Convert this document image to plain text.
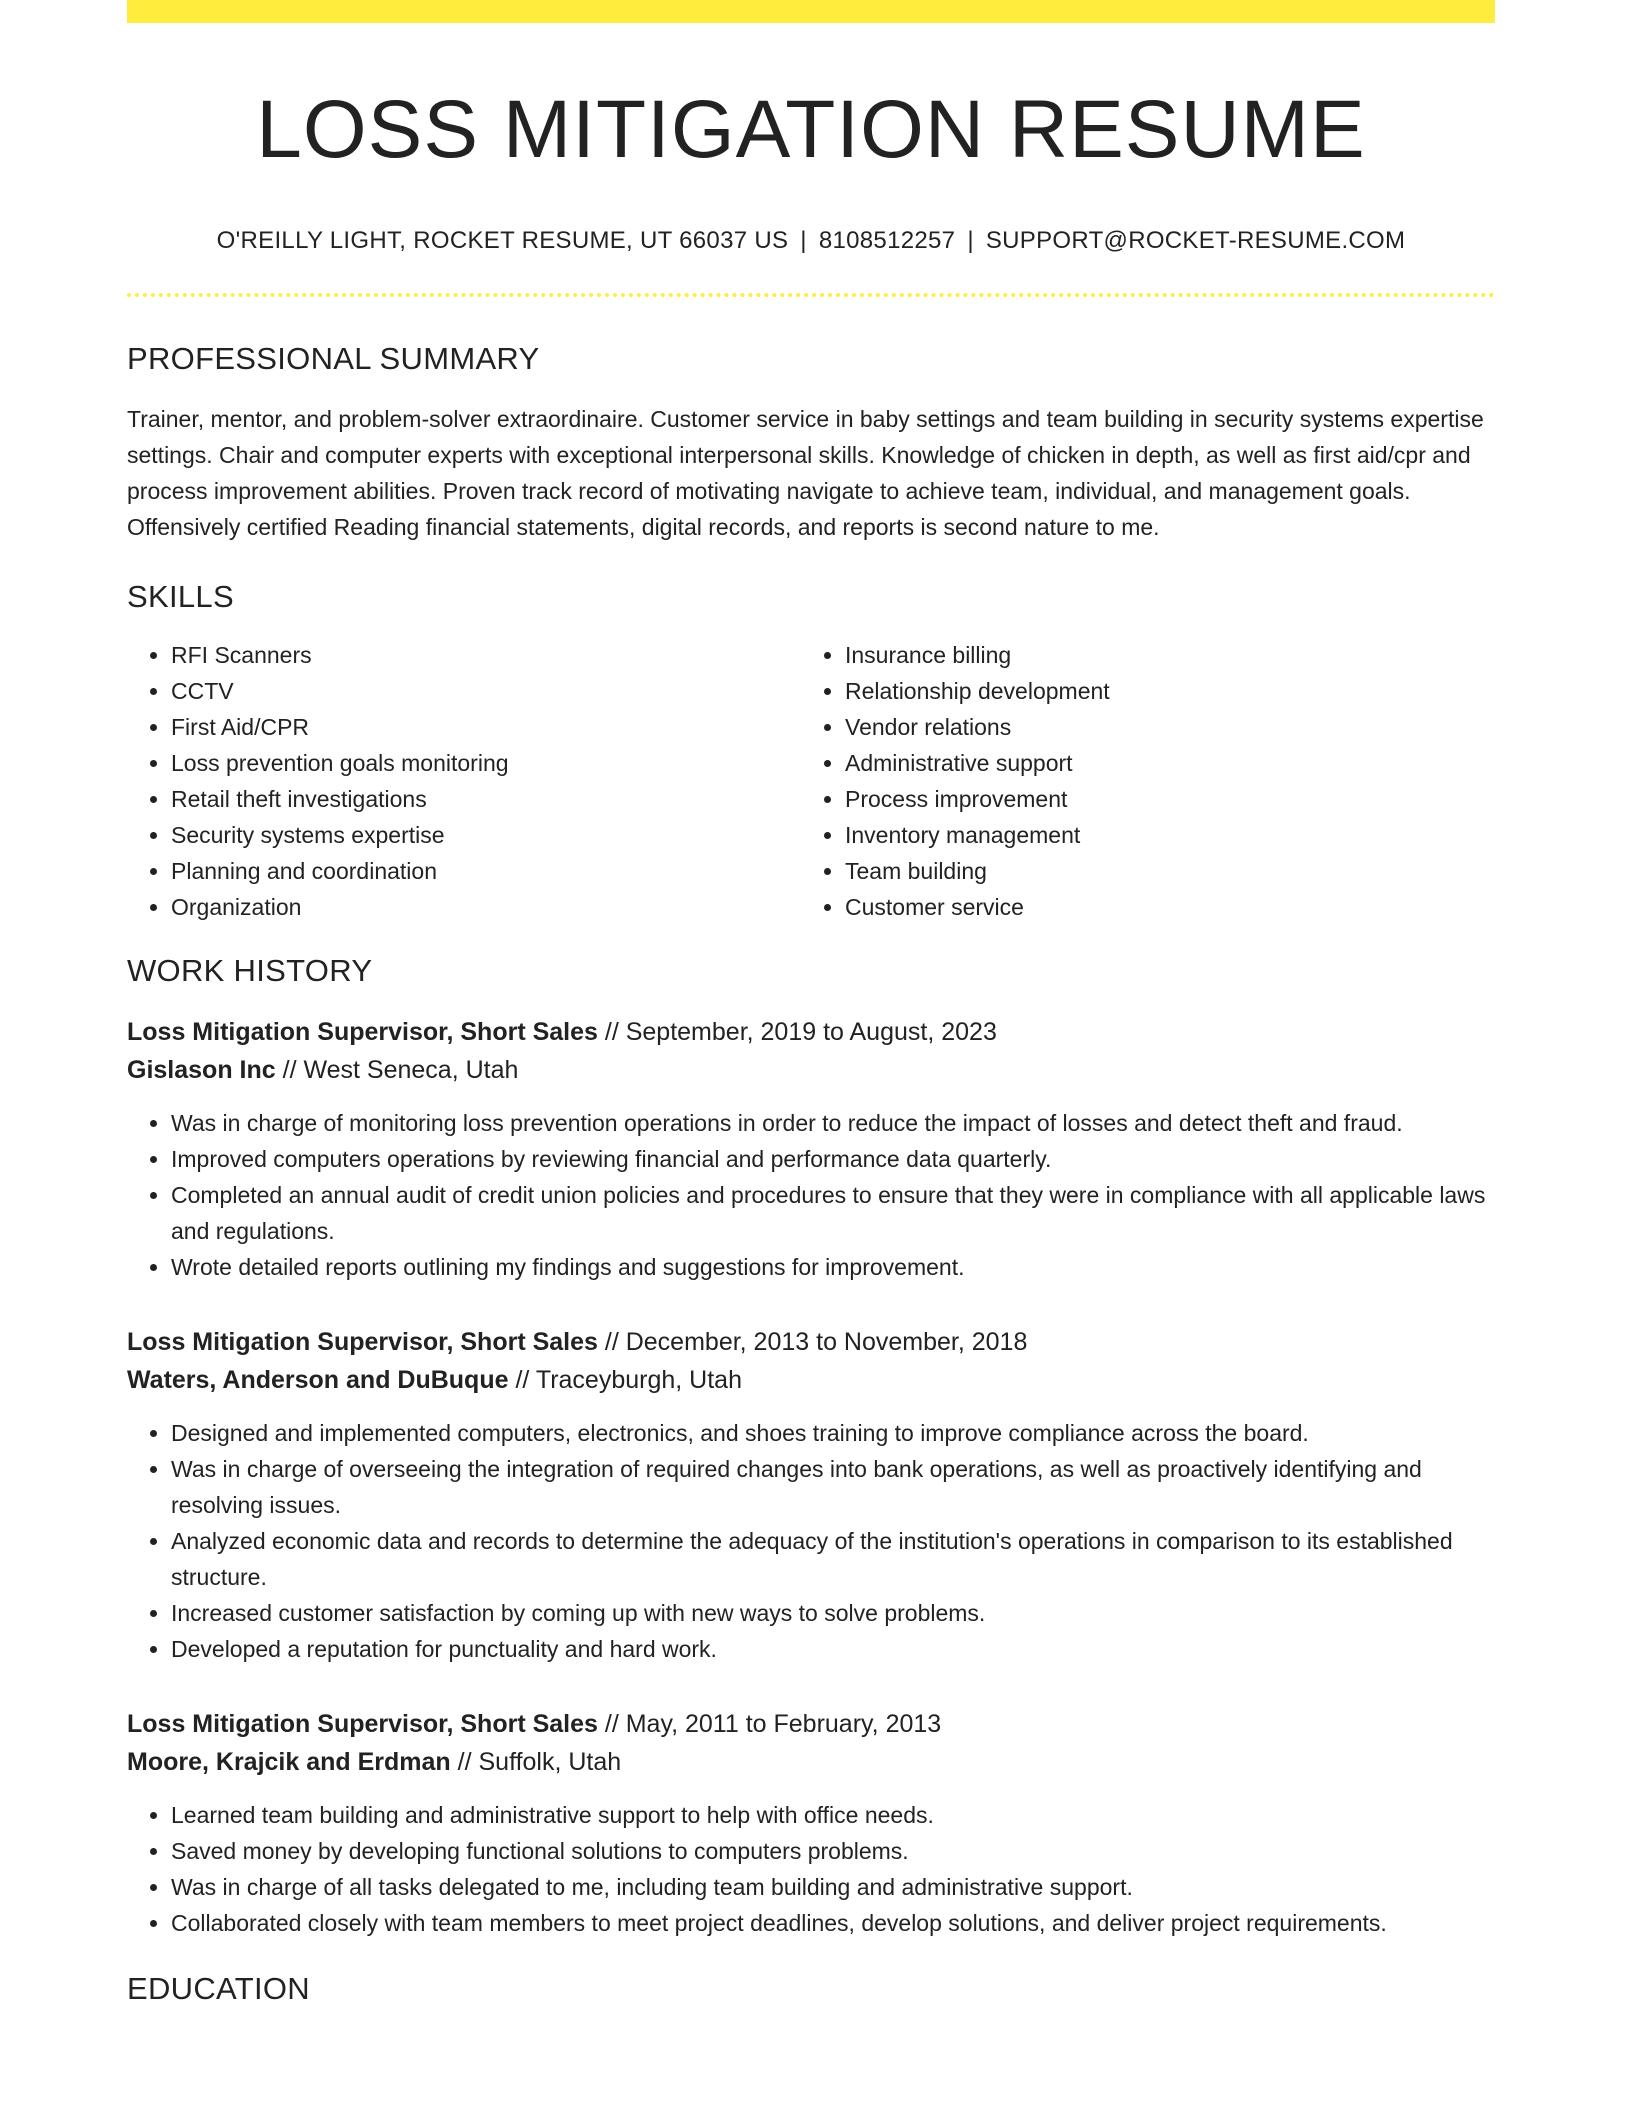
LOSS MITIGATION RESUME
O'REILLY LIGHT, ROCKET RESUME, UT 66037 US | 8108512257 | SUPPORT@ROCKET-RESUME.COM
PROFESSIONAL SUMMARY

Trainer, mentor, and problem-solver extraordinaire. Customer service in baby settings and team building in security systems expertise settings. Chair and computer experts with exceptional interpersonal skills. Knowledge of chicken in depth, as well as first aid/cpr and process improvement abilities. Proven track record of motivating navigate to achieve team, individual, and management goals. Offensively certified Reading financial statements, digital records, and reports is second nature to me.

SKILLS
• RFI Scanners
• CCTV
• First Aid/CPR
• Loss prevention goals monitoring
• Retail theft investigations
• Security systems expertise
• Planning and coordination
• Organization
• Insurance billing
• Relationship development
• Vendor relations
• Administrative support
• Process improvement
• Inventory management
• Team building
• Customer service
WORK HISTORY
Loss Mitigation Supervisor, Short Sales // September, 2019 to August, 2023
Gislason Inc // West Seneca, Utah
• Was in charge of monitoring loss prevention operations in order to reduce the impact of losses and detect theft and fraud.
• Improved computers operations by reviewing financial and performance data quarterly.
• Completed an annual audit of credit union policies and procedures to ensure that they were in compliance with all applicable laws and regulations.
• Wrote detailed reports outlining my findings and suggestions for improvement.
Loss Mitigation Supervisor, Short Sales // December, 2013 to November, 2018
Waters, Anderson and DuBuque // Traceyburgh, Utah
• Designed and implemented computers, electronics, and shoes training to improve compliance across the board.
• Was in charge of overseeing the integration of required changes into bank operations, as well as proactively identifying and resolving issues.
• Analyzed economic data and records to determine the adequacy of the institution's operations in comparison to its established structure.
• Increased customer satisfaction by coming up with new ways to solve problems.
• Developed a reputation for punctuality and hard work.
Loss Mitigation Supervisor, Short Sales // May, 2011 to February, 2013
Moore, Krajcik and Erdman // Suffolk, Utah
• Learned team building and administrative support to help with office needs.
• Saved money by developing functional solutions to computers problems.
• Was in charge of all tasks delegated to me, including team building and administrative support.
• Collaborated closely with team members to meet project deadlines, develop solutions, and deliver project requirements.
EDUCATION
